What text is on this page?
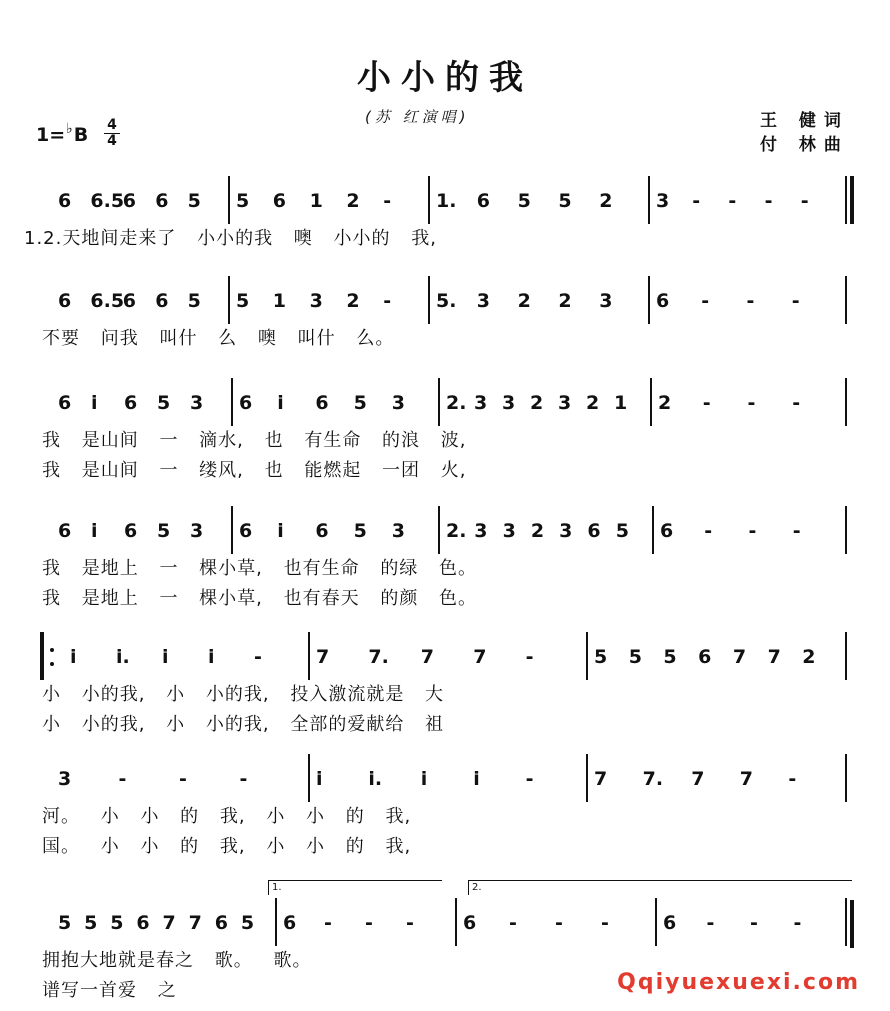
小小的我
(苏 红演唱)	王 健词
付 林曲
1=♭B 4
4
6 6.5
6 6 5 5 6 1 2 - 1. 6 5 5 2 3 - - - -
1.2.天地间走来了 小小的我 噢 小小的 我,
6 6.5
6 6 5 5 1 3 2 - 5. 3 2 2 3 6 - - -
不要 问我 叫什 么 噢 叫什 么。
6 i 6 5 3 6 i 6 5 3 2. 3 3 2 3 2 1 2 - - -
我 是山间 一 滴水, 也 有生命 的浪 波,
我 是山间 一 缕风, 也 能燃起 一团 火,
6 i 6 5 3 6 i 6 5 3 2. 3 3 2 3 6 5 6 - - -
我 是地上 一 棵小草, 也有生命 的绿 色。
我 是地上 一 棵小草, 也有春天 的颜 色。
i i. i i -	7 7. 7 7 -	5 5 5 6 7 7 2
小 小的我, 小 小的我, 投入激流就是 大
小 小的我, 小 小的我, 全部的爱献给 祖
3 -	-	-	i i. i i -	7 7. 7 7 -
河。 小 小 的 我, 小 小 的 我,
国。 小 小 的 我, 小 小 的 我,
5 5 5 6 7 7 6 5 6 - - -	6 - - -	6 - - -
拥抱大地就是春之 歌。 歌。
谱写一首爱 之
1.	2.
Qqiyuexuexi.com
